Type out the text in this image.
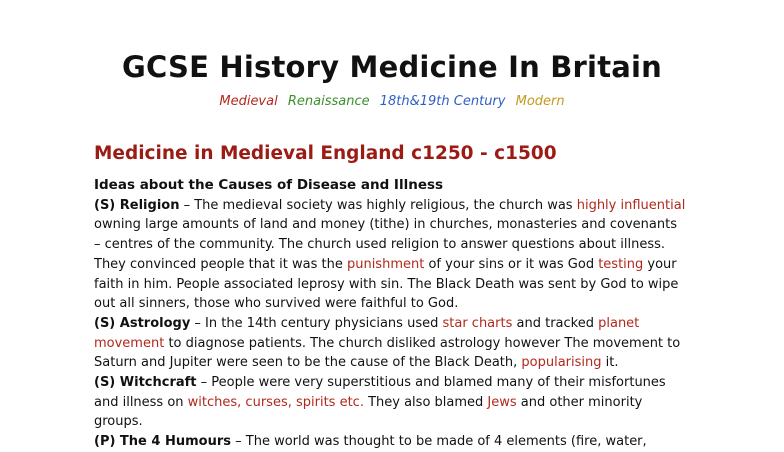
GCSE History Medicine In Britain
Medieval Renaissance 18th&19th Century Modern
Medicine in Medieval England c1250 - c1500
Ideas about the Causes of Disease and Illness
(S) Religion – The medieval society was highly religious, the church was highly influential
owning large amounts of land and money (tithe) in churches, monasteries and covenants
– centres of the community. The church used religion to answer questions about illness.
They convinced people that it was the punishment of your sins or it was God testing your
faith in him. People associated leprosy with sin. The Black Death was sent by God to wipe
out all sinners, those who survived were faithful to God.
(S) Astrology – In the 14th century physicians used star charts and tracked planet
movement to diagnose patients. The church disliked astrology however The movement to
Saturn and Jupiter were seen to be the cause of the Black Death, popularising it.
(S) Witchcraft – People were very superstitious and blamed many of their misfortunes
and illness on witches, curses, spirits etc. They also blamed Jews and other minority
groups.
(P) The 4 Humours – The world was thought to be made of 4 elements (fire, water,
